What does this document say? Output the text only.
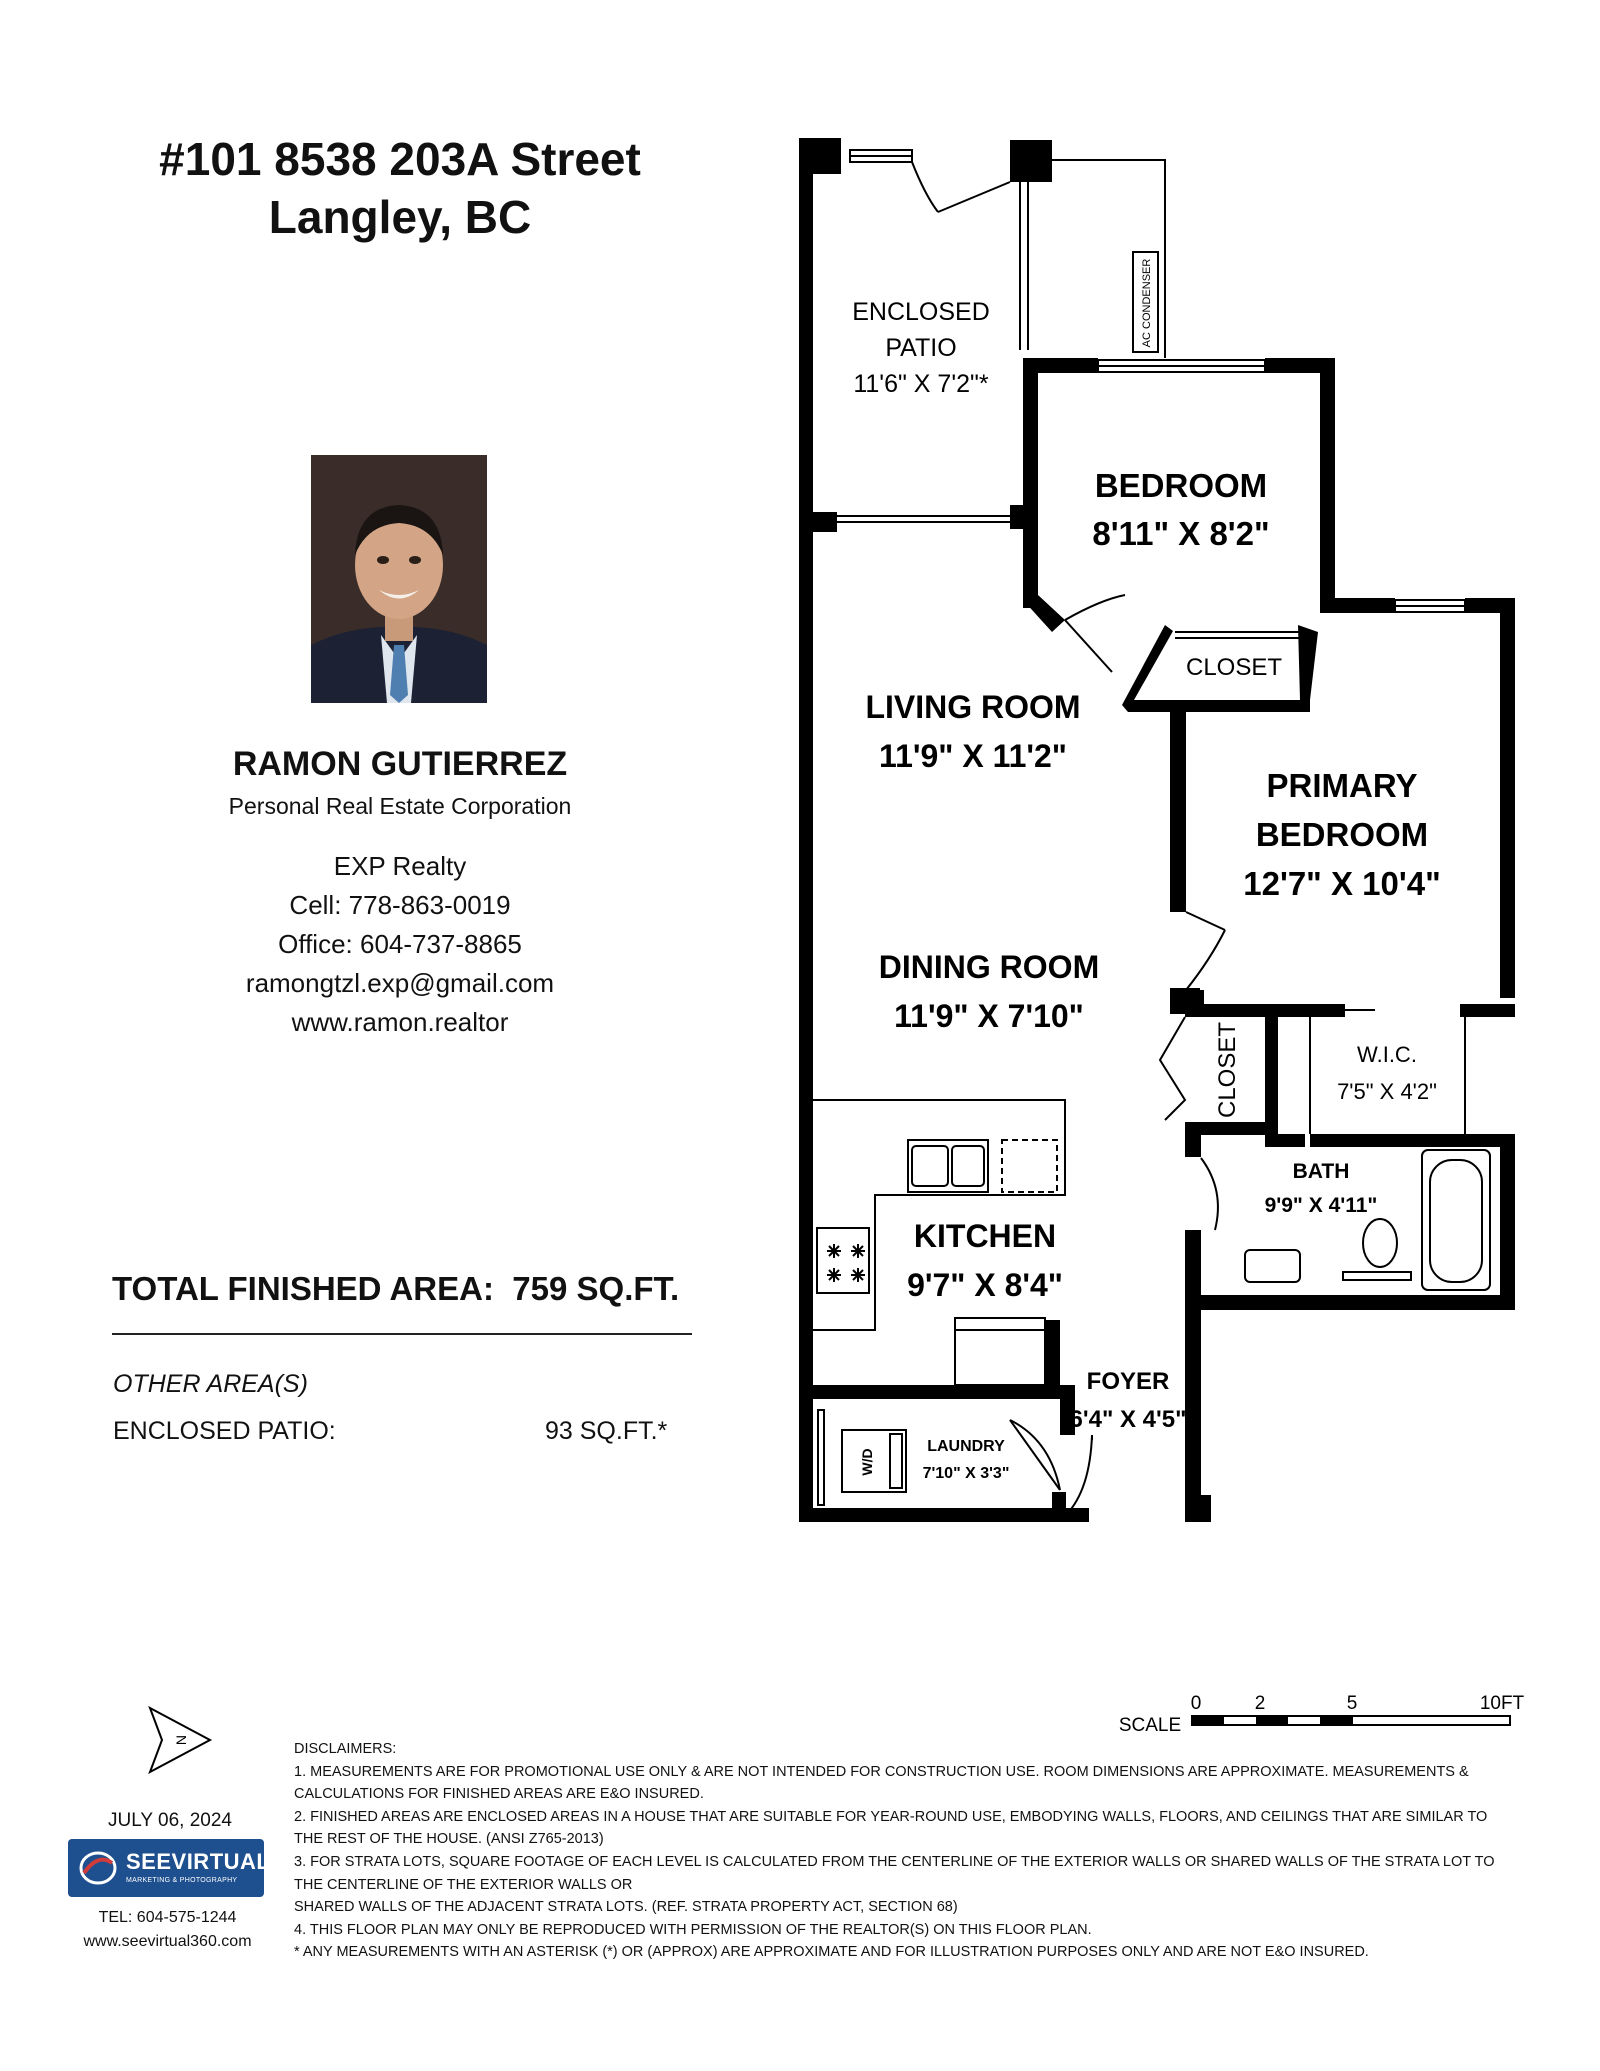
#101 8538 203A Street
Langley, BC
RAMON GUTIERREZ
Personal Real Estate Corporation
EXP Realty
Cell: 778-863-0019
Office: 604-737-8865
ramongtzl.exp@gmail.com
www.ramon.realtor
TOTAL FINISHED AREA: 759 SQ.FT.
OTHER AREA(S)
ENCLOSED PATIO:	93 SQ.FT.*
ENCLOSED
PATIO
11'6" X 7'2"*
AC CONDENSER
BEDROOM
8'11" X 8'2"
CLOSET
LIVING ROOM
11'9" X 11'2"
PRIMARY
BEDROOM
12'7" X 10'4"
DINING ROOM
11'9" X 7'10"
CLOSET	W.I.C.
7'5" X 4'2"
BATH
9'9" X 4'11"
KITCHEN
9'7" X 8'4"
FOYER
6'4" X 4'5"
LAUNDRY
7'10" X 3'3"
W/D
N
0	2	5	10FT
SCALE
DISCLAIMERS:
1. MEASUREMENTS ARE FOR PROMOTIONAL USE ONLY & ARE NOT INTENDED FOR CONSTRUCTION USE. ROOM DIMENSIONS ARE APPROXIMATE. MEASUREMENTS &
CALCULATIONS FOR FINISHED AREAS ARE E&O INSURED.
2. FINISHED AREAS ARE ENCLOSED AREAS IN A HOUSE THAT ARE SUITABLE FOR YEAR-ROUND USE, EMBODYING WALLS, FLOORS, AND CEILINGS THAT ARE SIMILAR TO
THE REST OF THE HOUSE. (ANSI Z765-2013)
3. FOR STRATA LOTS, SQUARE FOOTAGE OF EACH LEVEL IS CALCULATED FROM THE CENTERLINE OF THE EXTERIOR WALLS OR SHARED WALLS OF THE STRATA LOT TO
THE CENTERLINE OF THE EXTERIOR WALLS OR
SHARED WALLS OF THE ADJACENT STRATA LOTS. (REF. STRATA PROPERTY ACT, SECTION 68)
4. THIS FLOOR PLAN MAY ONLY BE REPRODUCED WITH PERMISSION OF THE REALTOR(S) ON THIS FLOOR PLAN.
* ANY MEASUREMENTS WITH AN ASTERISK (*) OR (APPROX) ARE APPROXIMATE AND FOR ILLUSTRATION PURPOSES ONLY AND ARE NOT E&O INSURED.
JULY 06, 2024
SEEVIRTUAL
MARKETING & PHOTOGRAPHY
TEL: 604-575-1244
www.seevirtual360.com
